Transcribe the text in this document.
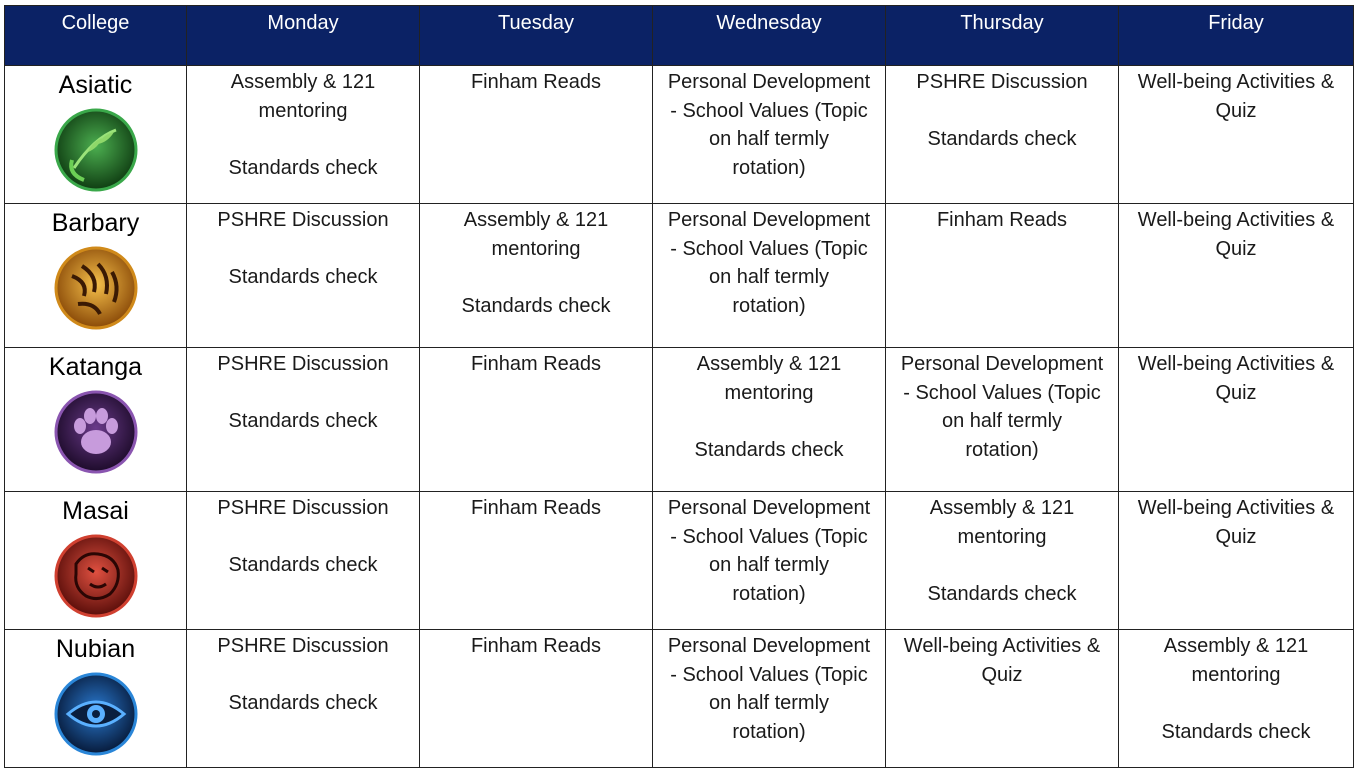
College	Monday	Tuesday	Wednesday	Thursday	Friday

Asiatic	Assembly & 121
mentoring
Standards check	Finham Reads	Personal Development
- School Values (Topic
on half termly
rotation)	PSHRE Discussion
Standards check	Well-being Activities &
Quiz

Barbary	PSHRE Discussion
Standards check	Assembly & 121
mentoring
Standards check	Personal Development
- School Values (Topic
on half termly
rotation)	Finham Reads	Well-being Activities &
Quiz

Katanga	PSHRE Discussion
Standards check	Finham Reads	Assembly & 121
mentoring
Standards check	Personal Development
- School Values (Topic
on half termly
rotation)	Well-being Activities &
Quiz

Masai	PSHRE Discussion
Standards check	Finham Reads	Personal Development
- School Values (Topic
on half termly
rotation)	Assembly & 121
mentoring
Standards check	Well-being Activities &
Quiz

Nubian	PSHRE Discussion
Standards check	Finham Reads	Personal Development
- School Values (Topic
on half termly
rotation)	Well-being Activities &
Quiz	Assembly & 121
mentoring
Standards check
